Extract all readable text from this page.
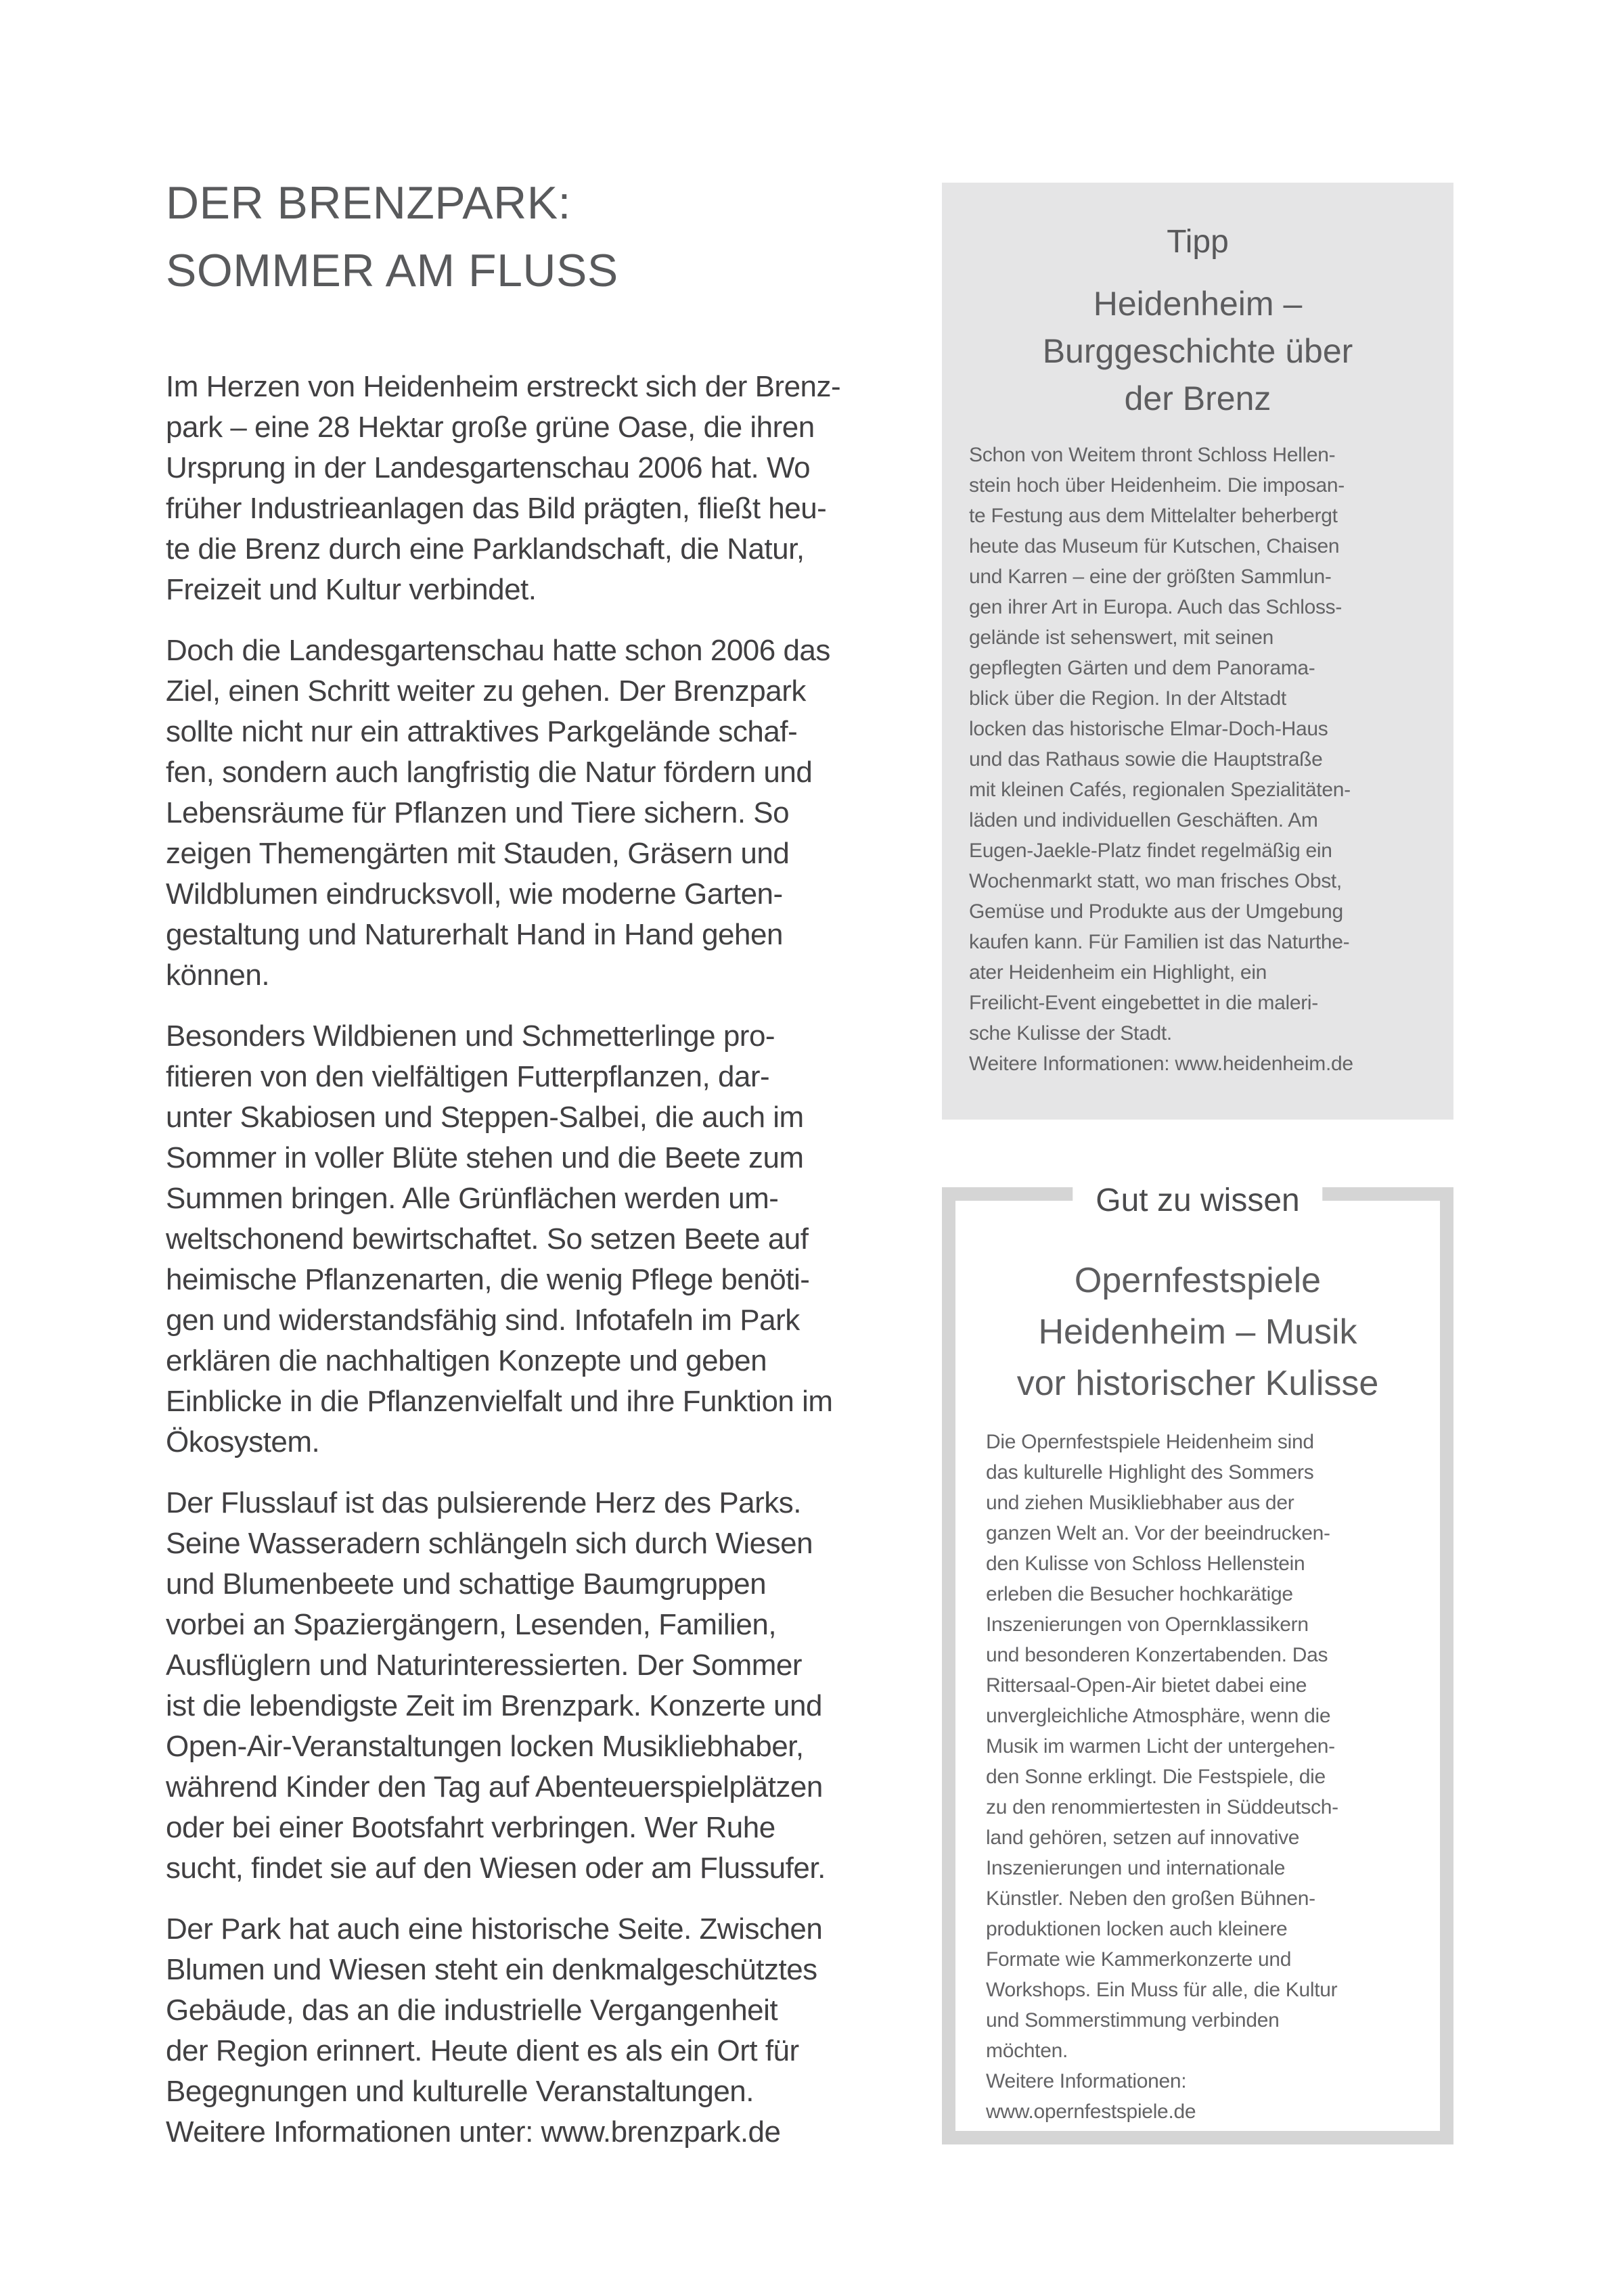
DER BRENZPARK:
SOMMER AM FLUSS

Im Herzen von Heidenheim erstreckt sich der Brenz-
park – eine 28 Hektar große grüne Oase, die ihren
Ursprung in der Landesgartenschau 2006 hat. Wo
früher Industrieanlagen das Bild prägten, fließt heu-
te die Brenz durch eine Parklandschaft, die Natur,
Freizeit und Kultur verbindet.

Doch die Landesgartenschau hatte schon 2006 das
Ziel, einen Schritt weiter zu gehen. Der Brenzpark
sollte nicht nur ein attraktives Parkgelände schaf-
fen, sondern auch langfristig die Natur fördern und
Lebensräume für Pflanzen und Tiere sichern. So
zeigen Themengärten mit Stauden, Gräsern und
Wildblumen eindrucksvoll, wie moderne Garten-
gestaltung und Naturerhalt Hand in Hand gehen
können.

Besonders Wildbienen und Schmetterlinge pro-
fitieren von den vielfältigen Futterpflanzen, dar-
unter Skabiosen und Steppen-Salbei, die auch im
Sommer in voller Blüte stehen und die Beete zum
Summen bringen. Alle Grünflächen werden um-
weltschonend bewirtschaftet. So setzen Beete auf
heimische Pflanzenarten, die wenig Pflege benöti-
gen und widerstandsfähig sind. Infotafeln im Park
erklären die nachhaltigen Konzepte und geben
Einblicke in die Pflanzenvielfalt und ihre Funktion im
Ökosystem.

Der Flusslauf ist das pulsierende Herz des Parks.
Seine Wasseradern schlängeln sich durch Wiesen
und Blumenbeete und schattige Baumgruppen
vorbei an Spaziergängern, Lesenden, Familien,
Ausflüglern und Naturinteressierten. Der Sommer
ist die lebendigste Zeit im Brenzpark. Konzerte und
Open-Air-Veranstaltungen locken Musikliebhaber,
während Kinder den Tag auf Abenteuerspielplätzen
oder bei einer Bootsfahrt verbringen. Wer Ruhe
sucht, findet sie auf den Wiesen oder am Flussufer.

Der Park hat auch eine historische Seite. Zwischen
Blumen und Wiesen steht ein denkmalgeschütztes
Gebäude, das an die industrielle Vergangenheit
der Region erinnert. Heute dient es als ein Ort für
Begegnungen und kulturelle Veranstaltungen.
Weitere Informationen unter: www.brenzpark.de

Tipp
Heidenheim –
Burggeschichte über
der Brenz
Schon von Weitem thront Schloss Hellen-
stein hoch über Heidenheim. Die imposan-
te Festung aus dem Mittelalter beherbergt
heute das Museum für Kutschen, Chaisen
und Karren – eine der größten Sammlun-
gen ihrer Art in Europa. Auch das Schloss-
gelände ist sehenswert, mit seinen
gepflegten Gärten und dem Panorama-
blick über die Region. In der Altstadt
locken das historische Elmar-Doch-Haus
und das Rathaus sowie die Hauptstraße
mit kleinen Cafés, regionalen Spezialitäten-
läden und individuellen Geschäften. Am
Eugen-Jaekle-Platz findet regelmäßig ein
Wochenmarkt statt, wo man frisches Obst,
Gemüse und Produkte aus der Umgebung
kaufen kann. Für Familien ist das Naturthe-
ater Heidenheim ein Highlight, ein
Freilicht-Event eingebettet in die maleri-
sche Kulisse der Stadt.
Weitere Informationen: www.heidenheim.de
Gut zu wissen
Opernfestspiele
Heidenheim – Musik
vor historischer Kulisse
Die Opernfestspiele Heidenheim sind
das kulturelle Highlight des Sommers
und ziehen Musikliebhaber aus der
ganzen Welt an. Vor der beeindrucken-
den Kulisse von Schloss Hellenstein
erleben die Besucher hochkarätige
Inszenierungen von Opernklassikern
und besonderen Konzertabenden. Das
Rittersaal-Open-Air bietet dabei eine
unvergleichliche Atmosphäre, wenn die
Musik im warmen Licht der untergehen-
den Sonne erklingt. Die Festspiele, die
zu den renommiertesten in Süddeutsch-
land gehören, setzen auf innovative
Inszenierungen und internationale
Künstler. Neben den großen Bühnen-
produktionen locken auch kleinere
Formate wie Kammerkonzerte und
Workshops. Ein Muss für alle, die Kultur
und Sommerstimmung verbinden
möchten.
Weitere Informationen:
www.opernfestspiele.de
